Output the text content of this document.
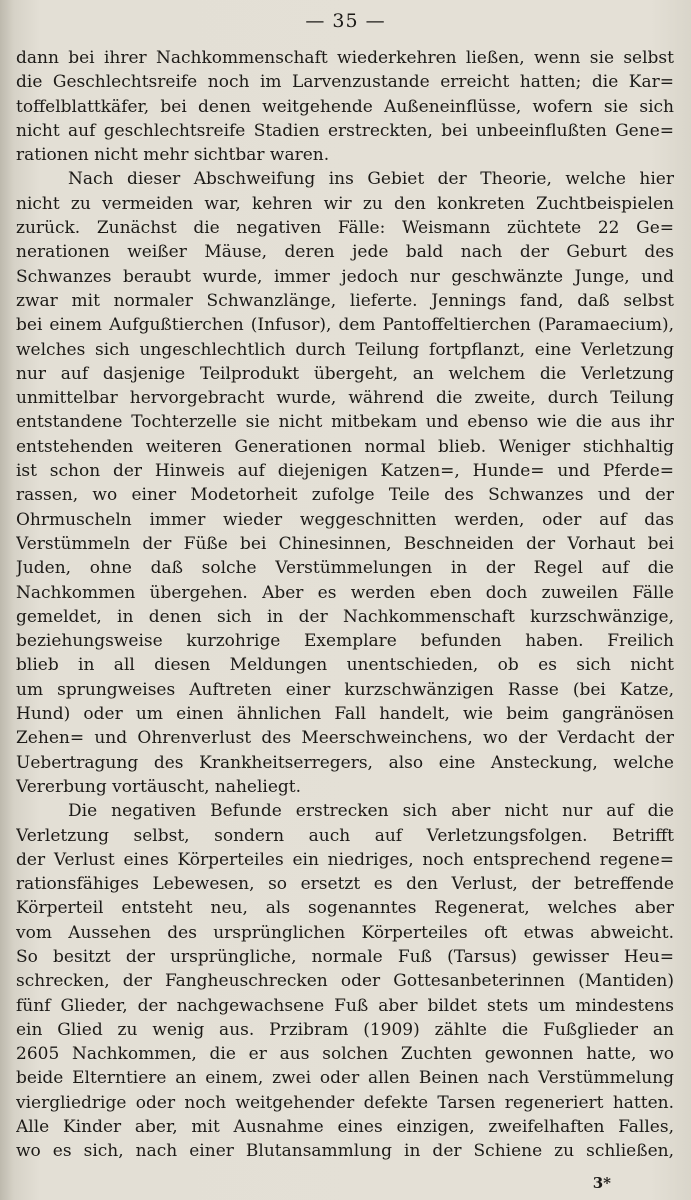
— 35 —
dann bei ihrer Nachkommenschaft wiederkehren ließen, wenn sie selbst
die Geschlechtsreife noch im Larvenzustande erreicht hatten; die Kar=
toffelblattkäfer, bei denen weitgehende Außeneinflüsse, wofern sie sich
nicht auf geschlechtsreife Stadien erstreckten, bei unbeeinflußten Gene=
rationen nicht mehr sichtbar waren.
Nach dieser Abschweifung ins Gebiet der Theorie, welche hier
nicht zu vermeiden war, kehren wir zu den konkreten Zuchtbeispielen
zurück. Zunächst die negativen Fälle: Weismann züchtete 22 Ge=
nerationen weißer Mäuse, deren jede bald nach der Geburt des
Schwanzes beraubt wurde, immer jedoch nur geschwänzte Junge, und
zwar mit normaler Schwanzlänge, lieferte. Jennings fand, daß selbst
bei einem Aufgußtierchen (Infusor), dem Pantoffeltierchen (Paramaecium),
welches sich ungeschlechtlich durch Teilung fortpflanzt, eine Verletzung
nur auf dasjenige Teilprodukt übergeht, an welchem die Verletzung
unmittelbar hervorgebracht wurde, während die zweite, durch Teilung
entstandene Tochterzelle sie nicht mitbekam und ebenso wie die aus ihr
entstehenden weiteren Generationen normal blieb. Weniger stichhaltig
ist schon der Hinweis auf diejenigen Katzen=, Hunde= und Pferde=
rassen, wo einer Modetorheit zufolge Teile des Schwanzes und der
Ohrmuscheln immer wieder weggeschnitten werden, oder auf das
Verstümmeln der Füße bei Chinesinnen, Beschneiden der Vorhaut bei
Juden, ohne daß solche Verstümmelungen in der Regel auf die
Nachkommen übergehen. Aber es werden eben doch zuweilen Fälle
gemeldet, in denen sich in der Nachkommenschaft kurzschwänzige,
beziehungsweise kurzohrige Exemplare befunden haben. Freilich
blieb in all diesen Meldungen unentschieden, ob es sich nicht
um sprungweises Auftreten einer kurzschwänzigen Rasse (bei Katze,
Hund) oder um einen ähnlichen Fall handelt, wie beim gangränösen
Zehen= und Ohrenverlust des Meerschweinchens, wo der Verdacht der
Uebertragung des Krankheitserregers, also eine Ansteckung, welche
Vererbung vortäuscht, naheliegt.
Die negativen Befunde erstrecken sich aber nicht nur auf die
Verletzung selbst, sondern auch auf Verletzungsfolgen. Betrifft
der Verlust eines Körperteiles ein niedriges, noch entsprechend regene=
rationsfähiges Lebewesen, so ersetzt es den Verlust, der betreffende
Körperteil entsteht neu, als sogenanntes Regenerat, welches aber
vom Aussehen des ursprünglichen Körperteiles oft etwas abweicht.
So besitzt der ursprüngliche, normale Fuß (Tarsus) gewisser Heu=
schrecken, der Fangheuschrecken oder Gottesanbeterinnen (Mantiden)
fünf Glieder, der nachgewachsene Fuß aber bildet stets um mindestens
ein Glied zu wenig aus. Przibram (1909) zählte die Fußglieder an
2605 Nachkommen, die er aus solchen Zuchten gewonnen hatte, wo
beide Elterntiere an einem, zwei oder allen Beinen nach Verstümmelung
viergliedrige oder noch weitgehender defekte Tarsen regeneriert hatten.
Alle Kinder aber, mit Ausnahme eines einzigen, zweifelhaften Falles,
wo es sich, nach einer Blutansammlung in der Schiene zu schließen,
3*
